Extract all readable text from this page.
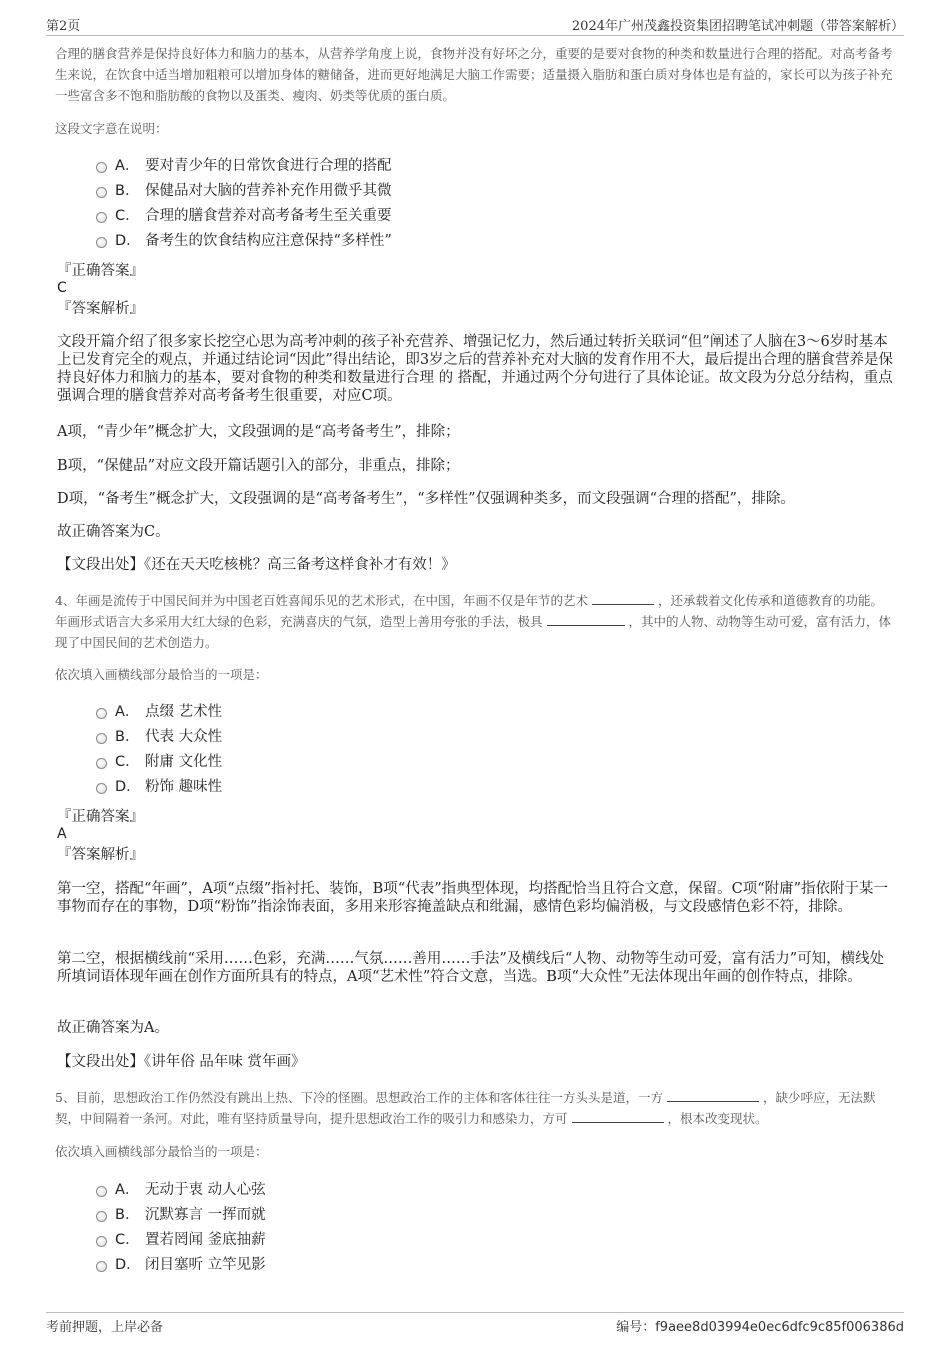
第2页	2024年广州茂鑫投资集团招聘笔试冲刺题（带答案解析）
合理的膳食营养是保持良好体力和脑力的基本，从营养学角度上说，食物并没有好坏之分，重要的是要对食物的种类和数量进行合理的搭配。对高考备考生来说，在饮食中适当增加粗粮可以增加身体的糖储备，进而更好地满足大脑工作需要；适量摄入脂肪和蛋白质对身体也是有益的，家长可以为孩子补充一些富含多不饱和脂肪酸的食物以及蛋类、瘦肉、奶类等优质的蛋白质。
这段文字意在说明：
A． 要对青少年的日常饮食进行合理的搭配
B． 保健品对大脑的营养补充作用微乎其微
C． 合理的膳食营养对高考备考生至关重要
D． 备考生的饮食结构应注意保持“多样性”
『正确答案』
C
『答案解析』
文段开篇介绍了很多家长挖空心思为高考冲刺的孩子补充营养、增强记忆力，然后通过转折关联词“但”阐述了人脑在3～6岁时基本上已发育完全的观点，并通过结论词“因此”得出结论，即3岁之后的营养补充对大脑的发育作用不大，最后提出合理的膳食营养是保持良好体力和脑力的基本，要对食物的种类和数量进行合理 的 搭配，并通过两个分句进行了具体论证。故文段为分总分结构，重点强调合理的膳食营养对高考备考生很重要，对应C项。
A项，“青少年”概念扩大，文段强调的是“高考备考生”，排除；
B项，“保健品”对应文段开篇话题引入的部分，非重点，排除；
D项，“备考生”概念扩大，文段强调的是“高考备考生”，“多样性”仅强调种类多，而文段强调“合理的搭配”，排除。
故正确答案为C。
【文段出处】《还在天天吃核桃？高三备考这样食补才有效！》
4、年画是流传于中国民间并为中国老百姓喜闻乐见的艺术形式，在中国，年画不仅是年节的艺术	，还承载着文化传承和道德教育的功能。年画形式语言大多采用大红大绿的色彩，充满喜庆的气氛，造型上善用夸张的手法，极具	，其中的人物、动物等生动可爱，富有活力，体现了中国民间的艺术创造力。
依次填入画横线部分最恰当的一项是：
A． 点缀 艺术性
B． 代表 大众性
C． 附庸 文化性
D． 粉饰 趣味性
『正确答案』
A
『答案解析』
第一空，搭配“年画”，A项“点缀”指衬托、装饰，B项“代表”指典型体现，均搭配恰当且符合文意，保留。C项“附庸”指依附于某一事物而存在的事物，D项“粉饰”指涂饰表面，多用来形容掩盖缺点和纰漏，感情色彩均偏消极，与文段感情色彩不符，排除。
第二空，根据横线前“采用……色彩，充满……气氛……善用……手法”及横线后“人物、动物等生动可爱，富有活力”可知，横线处所填词语体现年画在创作方面所具有的特点，A项“艺术性”符合文意，当选。B项“大众性”无法体现出年画的创作特点，排除。
故正确答案为A。
【文段出处】《讲年俗 品年味 赏年画》
5、目前，思想政治工作仍然没有跳出上热、下冷的怪圈。思想政治工作的主体和客体往往一方头头是道，一方	，缺少呼应，无法默契，中间隔着一条河。对此，唯有坚持质量导向，提升思想政治工作的吸引力和感染力，方可	，根本改变现状。
依次填入画横线部分最恰当的一项是：
A． 无动于衷 动人心弦
B． 沉默寡言 一挥而就
C． 置若罔闻 釜底抽薪
D． 闭目塞听 立竿见影
考前押题，上岸必备	编号：f9aee8d03994e0ec6dfc9c85f006386d
